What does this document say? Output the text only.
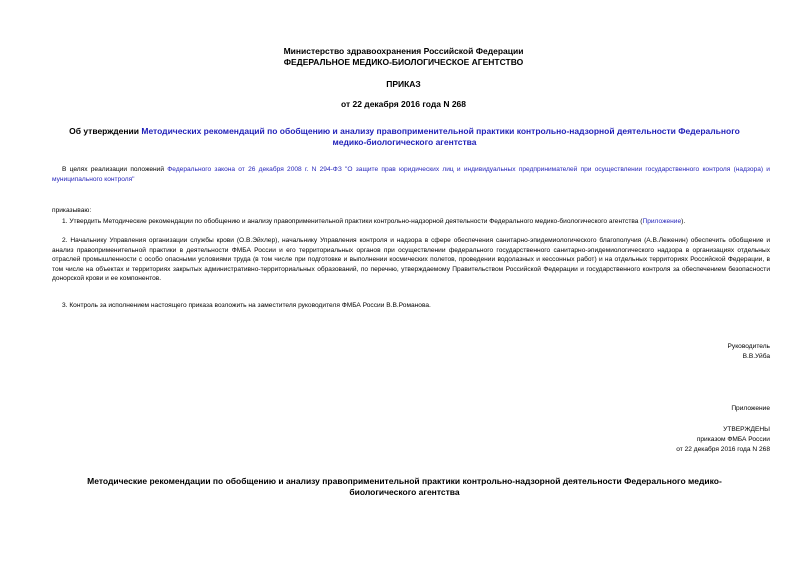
Министерство здравоохранения Российской Федерации
ФЕДЕРАЛЬНОЕ МЕДИКО-БИОЛОГИЧЕСКОЕ АГЕНТСТВО
ПРИКАЗ
от 22 декабря 2016 года N 268
Об утверждении Методических рекомендаций по обобщению и анализу правоприменительной практики контрольно-надзорной деятельности Федерального медико-биологического агентства
В целях реализации положений Федерального закона от 26 декабря 2008 г. N 294-ФЗ "О защите прав юридических лиц и индивидуальных предпринимателей при осуществлении государственного контроля (надзора) и муниципального контроля"
приказываю:
1. Утвердить Методические рекомендации по обобщению и анализу правоприменительной практики контрольно-надзорной деятельности Федерального медико-биологического агентства (Приложение).
2. Начальнику Управления организации службы крови (О.В.Эйхлер), начальнику Управления контроля и надзора в сфере обеспечения санитарно-эпидемиологического благополучия (А.В.Леженин) обеспечить обобщение и анализ правоприменительной практики в деятельности ФМБА России и его территориальных органов при осуществлении федерального государственного санитарно-эпидемиологического надзора в организациях отдельных отраслей промышленности с особо опасными условиями труда (в том числе при подготовке и выполнении космических полетов, проведении водолазных и кессонных работ) и на отдельных территориях Российской Федерации, в том числе на объектах и территориях закрытых административно-территориальных образований, по перечню, утверждаемому Правительством Российской Федерации и государственного контроля за обеспечением безопасности донорской крови и ее компонентов.
3. Контроль за исполнением настоящего приказа возложить на заместителя руководителя ФМБА России В.В.Романова.
Руководитель
В.В.Уйба
Приложение
УТВЕРЖДЕНЫ
приказом ФМБА России
от 22 декабря 2016 года N 268
Методические рекомендации по обобщению и анализу правоприменительной практики контрольно-надзорной деятельности Федерального медико-биологического агентства
